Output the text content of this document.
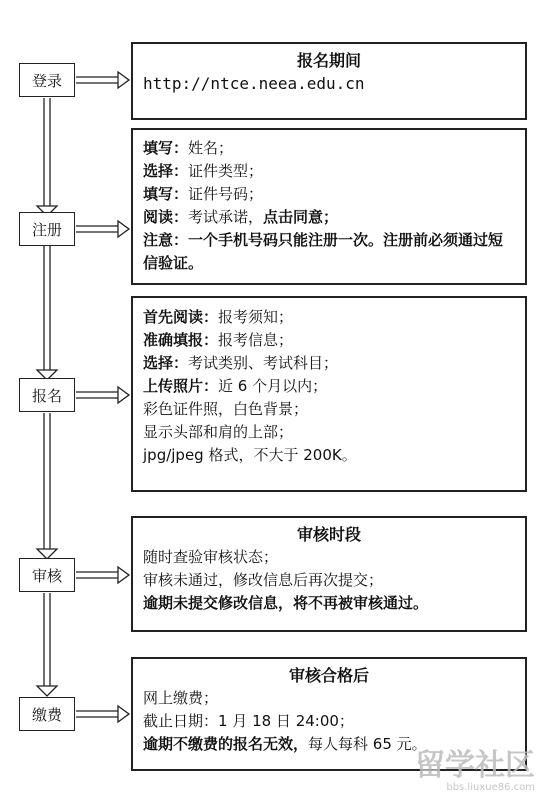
登录
注册
报名
审核
缴费
报名期间
http://ntce.neea.edu.cn
填写：姓名；
选择：证件类型；
填写：证件号码；
阅读：考试承诺，点击同意；
注意：一个手机号码只能注册一次。注册前必须通过短信验证。
首先阅读：报考须知；
准确填报：报考信息；
选择：考试类别、考试科目；
上传照片：近 6 个月以内；
彩色证件照，白色背景；
显示头部和肩的上部；
jpg/jpeg 格式，不大于 200K。
审核时段
随时查验审核状态；
审核未通过，修改信息后再次提交；
逾期未提交修改信息，将不再被审核通过。
审核合格后
网上缴费；
截止日期：1 月 18 日 24:00；
逾期不缴费的报名无效，每人每科 65 元。
留学社区
bbs.liuxue86.com
